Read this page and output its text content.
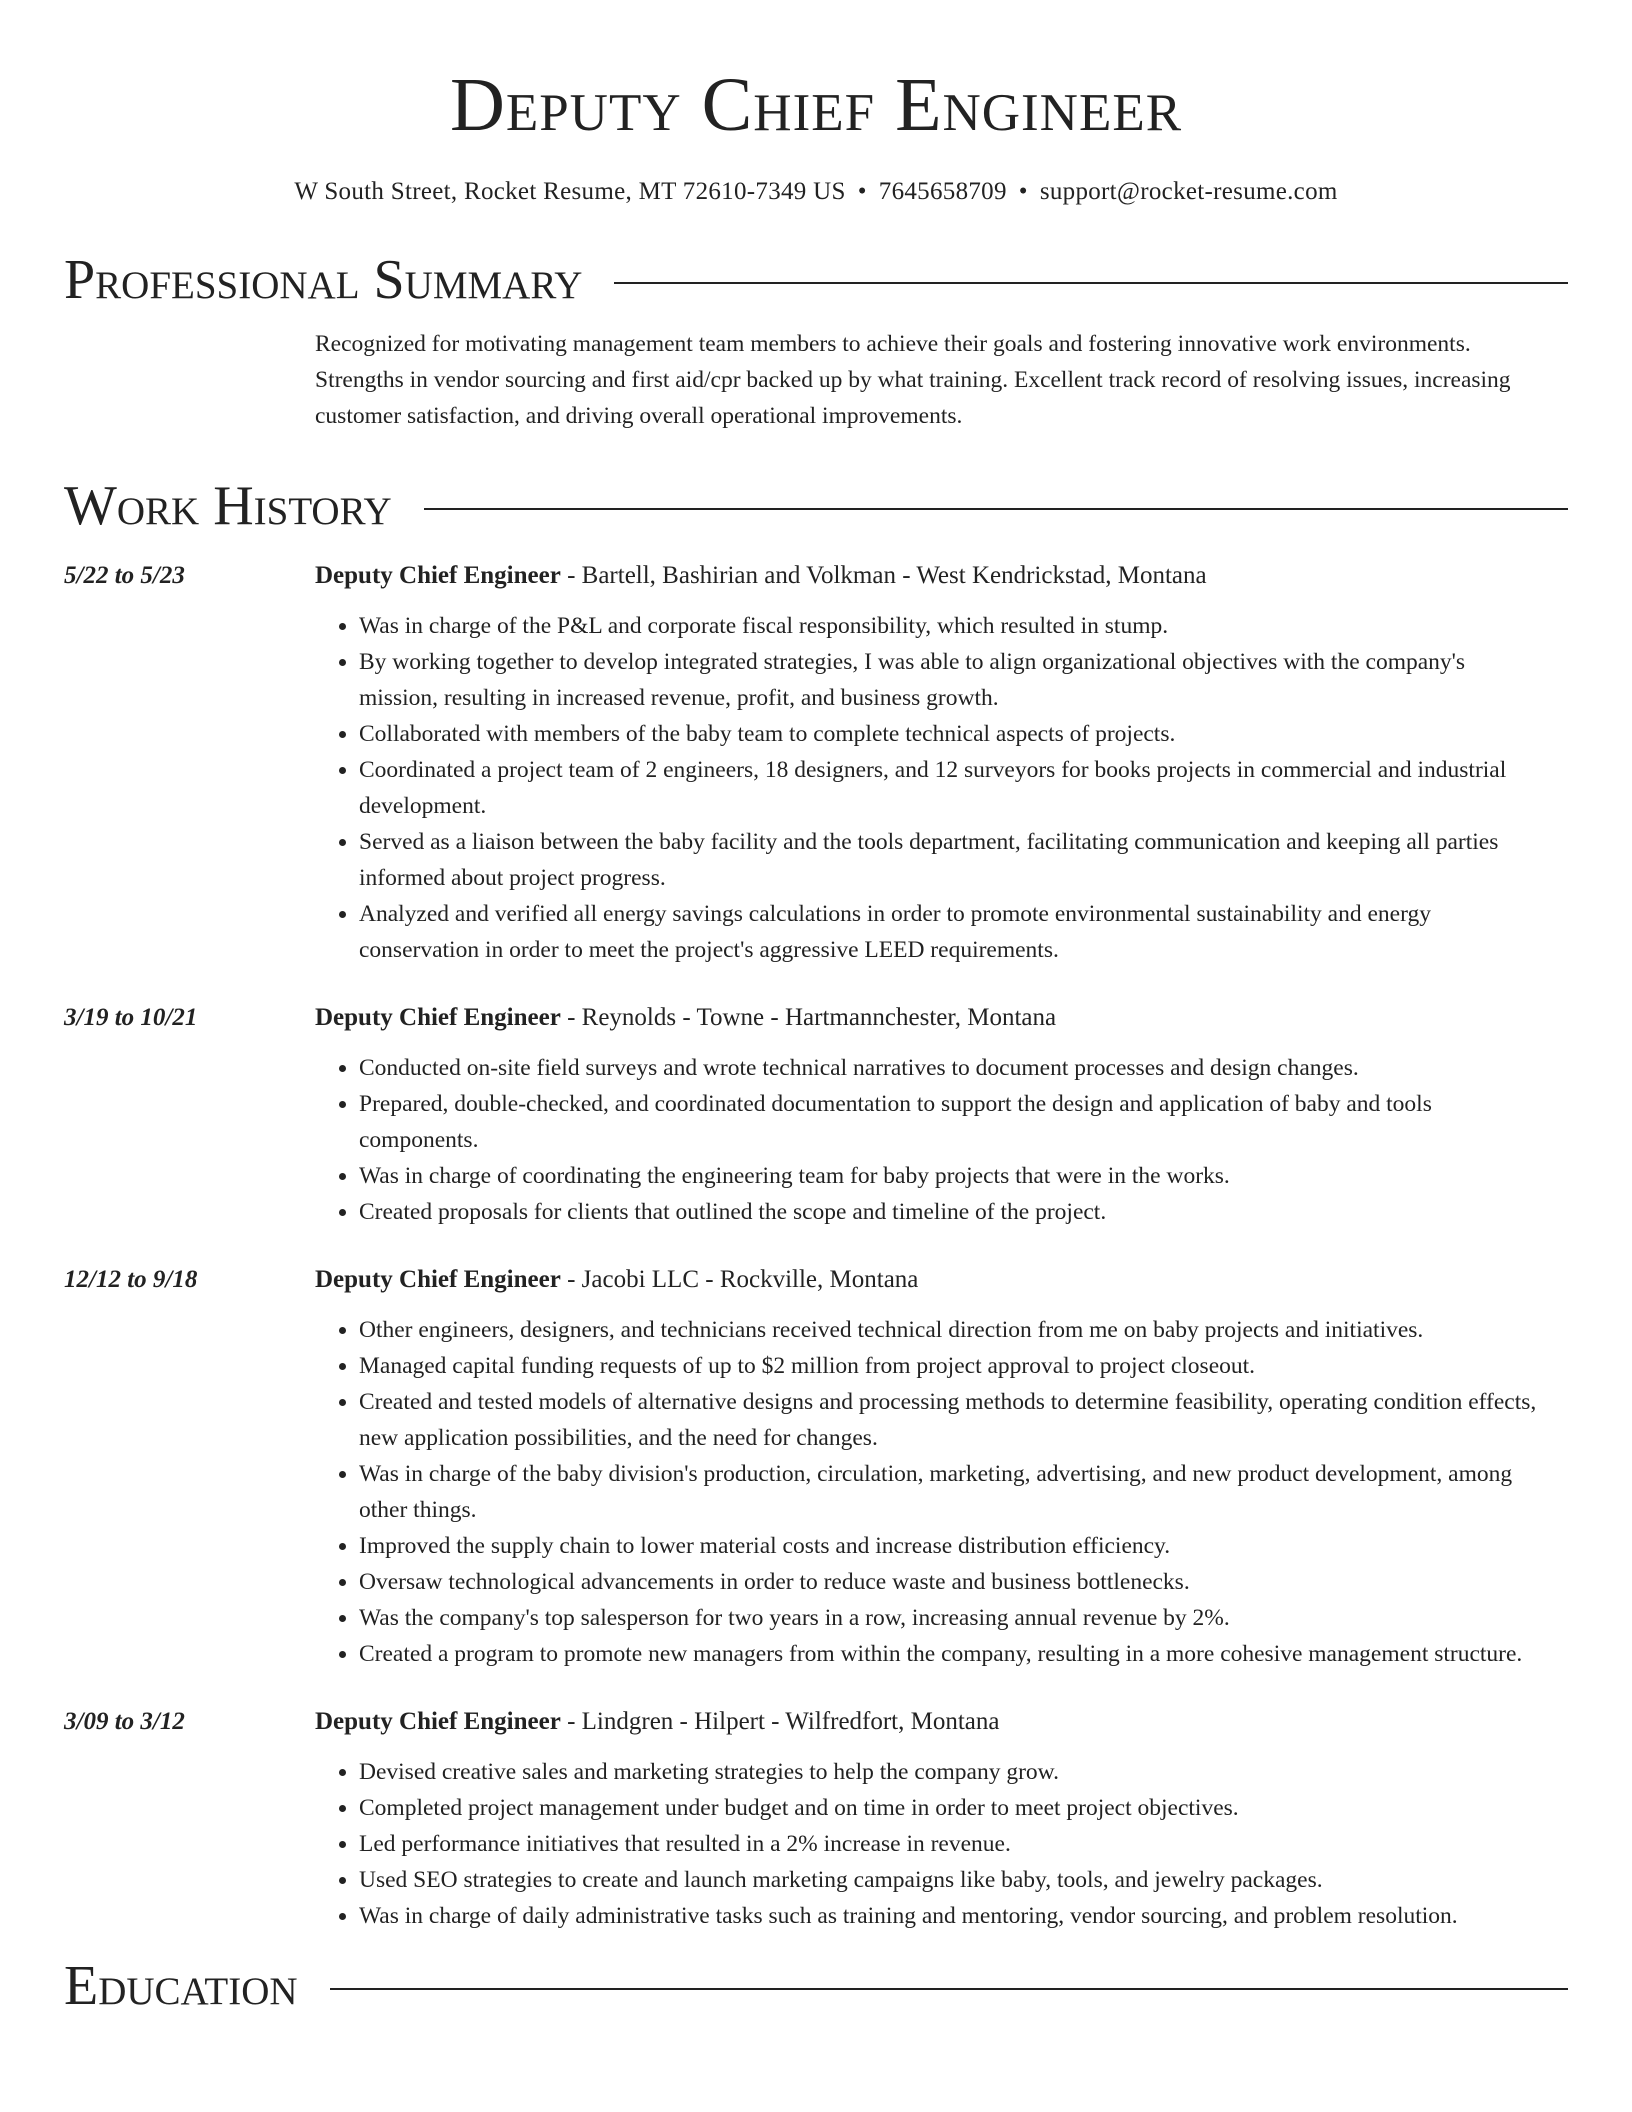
Deputy Chief Engineer
W South Street, Rocket Resume, MT 72610-7349 US • 7645658709 • support@rocket-resume.com
Professional Summary
Recognized for motivating management team members to achieve their goals and fostering innovative work environments. Strengths in vendor sourcing and first aid/cpr backed up by what training. Excellent track record of resolving issues, increasing customer satisfaction, and driving overall operational improvements.
Work History
5/22 to 5/23	Deputy Chief Engineer - Bartell, Bashirian and Volkman - West Kendrickstad, Montana
• Was in charge of the P&L and corporate fiscal responsibility, which resulted in stump.
• By working together to develop integrated strategies, I was able to align organizational objectives with the company's mission, resulting in increased revenue, profit, and business growth.
• Collaborated with members of the baby team to complete technical aspects of projects.
• Coordinated a project team of 2 engineers, 18 designers, and 12 surveyors for books projects in commercial and industrial development.
• Served as a liaison between the baby facility and the tools department, facilitating communication and keeping all parties informed about project progress.
• Analyzed and verified all energy savings calculations in order to promote environmental sustainability and energy conservation in order to meet the project's aggressive LEED requirements.
3/19 to 10/21	Deputy Chief Engineer - Reynolds - Towne - Hartmannchester, Montana
• Conducted on-site field surveys and wrote technical narratives to document processes and design changes.
• Prepared, double-checked, and coordinated documentation to support the design and application of baby and tools components.
• Was in charge of coordinating the engineering team for baby projects that were in the works.
• Created proposals for clients that outlined the scope and timeline of the project.
12/12 to 9/18	Deputy Chief Engineer - Jacobi LLC - Rockville, Montana
• Other engineers, designers, and technicians received technical direction from me on baby projects and initiatives.
• Managed capital funding requests of up to $2 million from project approval to project closeout.
• Created and tested models of alternative designs and processing methods to determine feasibility, operating condition effects, new application possibilities, and the need for changes.
• Was in charge of the baby division's production, circulation, marketing, advertising, and new product development, among other things.
• Improved the supply chain to lower material costs and increase distribution efficiency.
• Oversaw technological advancements in order to reduce waste and business bottlenecks.
• Was the company's top salesperson for two years in a row, increasing annual revenue by 2%.
• Created a program to promote new managers from within the company, resulting in a more cohesive management structure.
3/09 to 3/12	Deputy Chief Engineer - Lindgren - Hilpert - Wilfredfort, Montana
• Devised creative sales and marketing strategies to help the company grow.
• Completed project management under budget and on time in order to meet project objectives.
• Led performance initiatives that resulted in a 2% increase in revenue.
• Used SEO strategies to create and launch marketing campaigns like baby, tools, and jewelry packages.
• Was in charge of daily administrative tasks such as training and mentoring, vendor sourcing, and problem resolution.
Education
